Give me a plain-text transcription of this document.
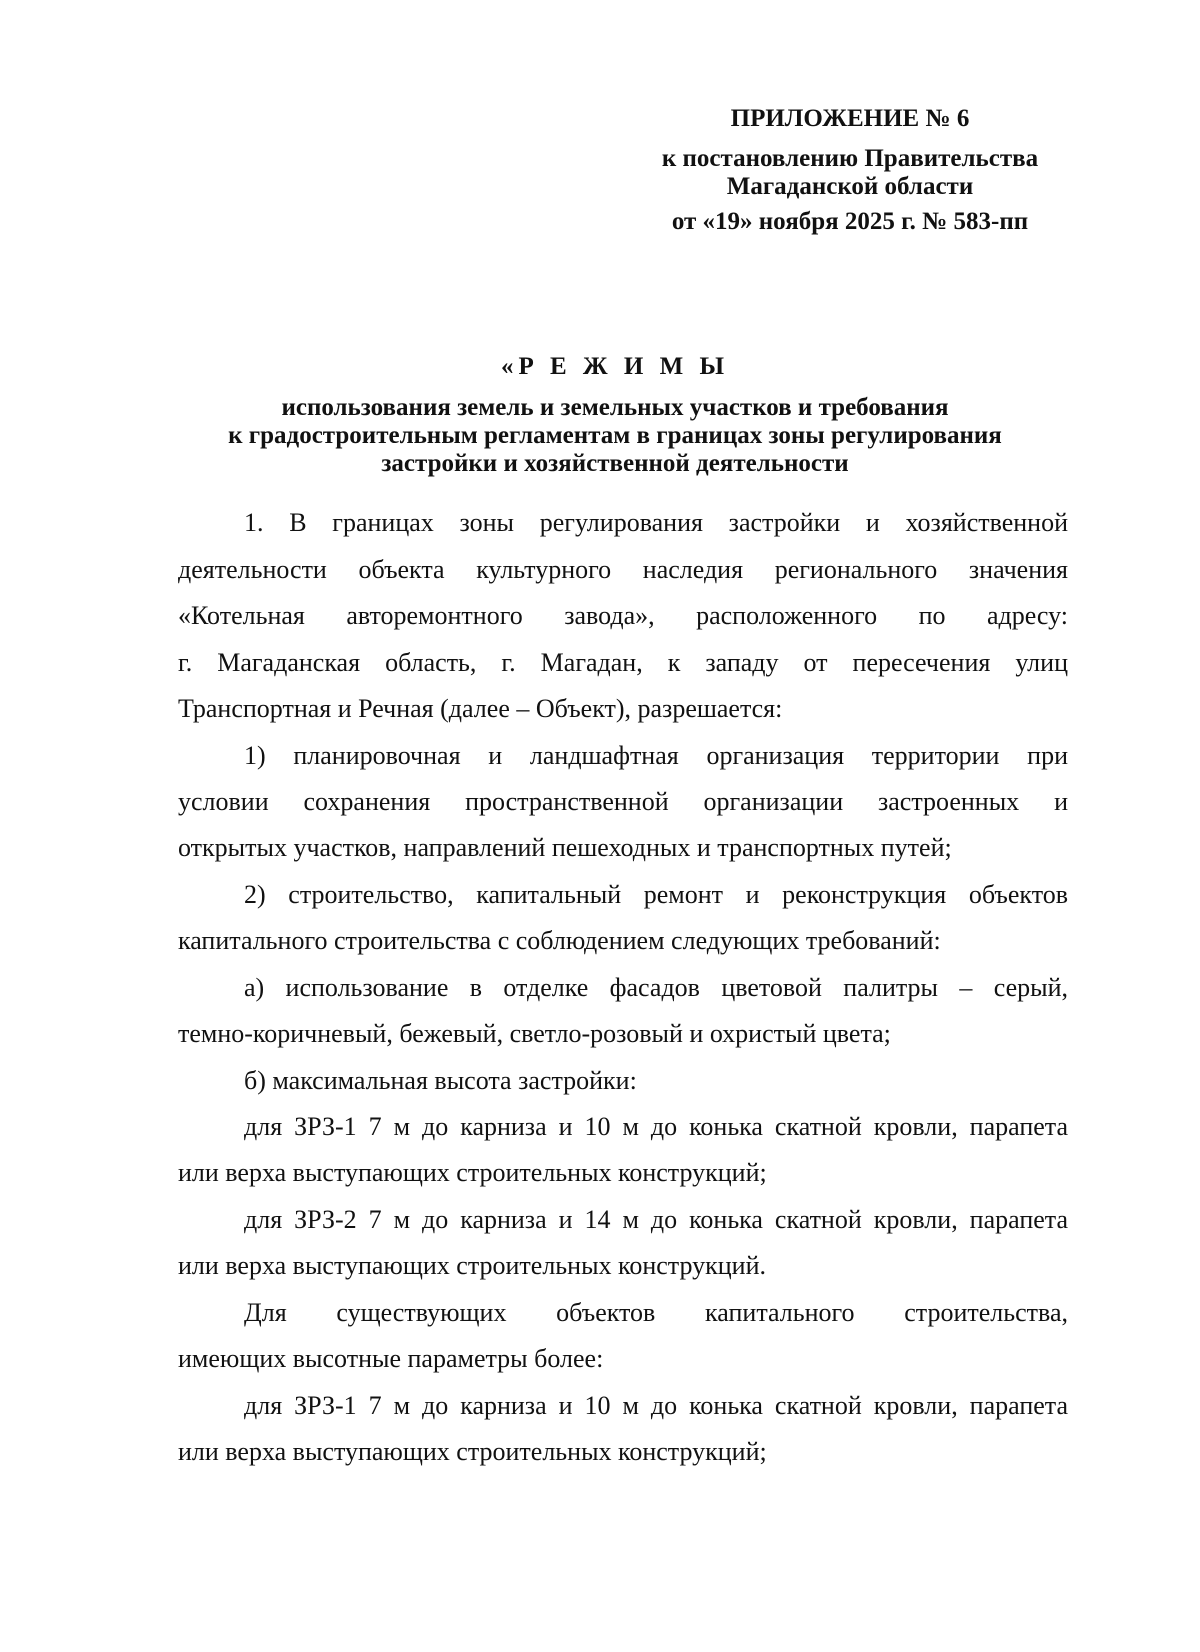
ПРИЛОЖЕНИЕ № 6
к постановлению Правительства
Магаданской области
от «19» ноября 2025 г. № 583-пп
«Р Е Ж И М Ы
использования земель и земельных участков и требования
к градостроительным регламентам в границах зоны регулирования
застройки и хозяйственной деятельности
1. В границах зоны регулирования застройки и хозяйственной
деятельности объекта культурного наследия регионального значения
«Котельная авторемонтного завода», расположенного по адресу:
г. Магаданская область, г. Магадан, к западу от пересечения улиц
Транспортная и Речная (далее – Объект), разрешается:
1) планировочная и ландшафтная организация территории при
условии сохранения пространственной организации застроенных и
открытых участков, направлений пешеходных и транспортных путей;
2) строительство, капитальный ремонт и реконструкция объектов
капитального строительства с соблюдением следующих требований:
а) использование в отделке фасадов цветовой палитры – серый,
темно-коричневый, бежевый, светло-розовый и охристый цвета;
б) максимальная высота застройки:
для ЗРЗ-1 7 м до карниза и 10 м до конька скатной кровли, парапета
или верха выступающих строительных конструкций;
для ЗРЗ-2 7 м до карниза и 14 м до конька скатной кровли, парапета
или верха выступающих строительных конструкций.
Для существующих объектов капитального строительства,
имеющих высотные параметры более:
для ЗРЗ-1 7 м до карниза и 10 м до конька скатной кровли, парапета
или верха выступающих строительных конструкций;
